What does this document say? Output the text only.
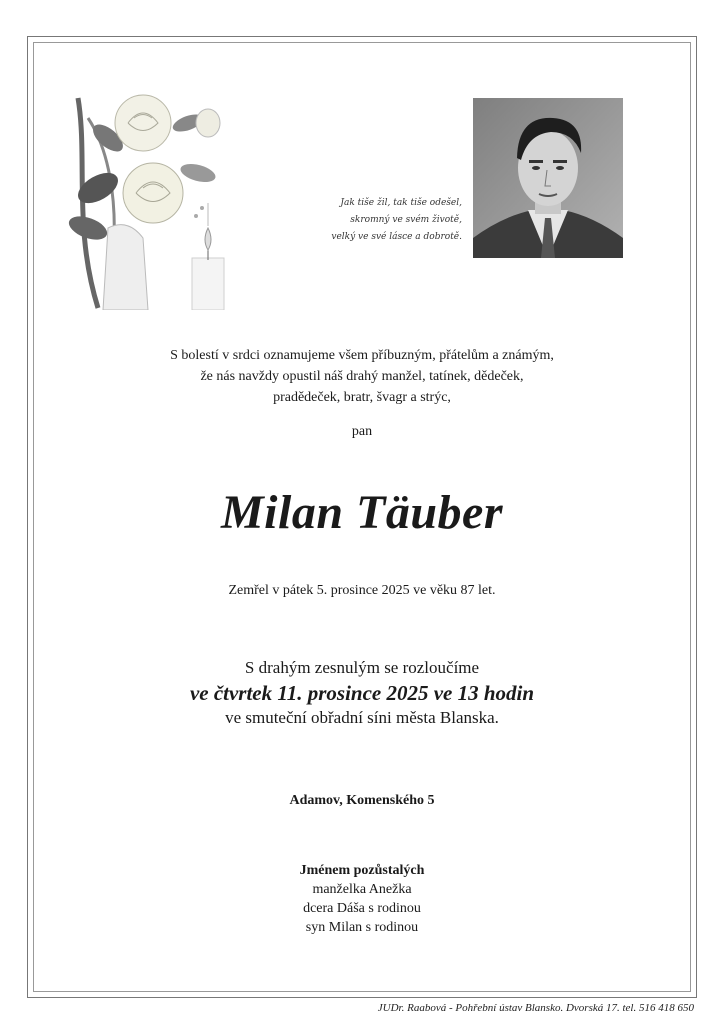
Jak tiše žil, tak tiše odešel,
skromný ve svém životě,
velký ve své lásce a dobrotě.
S bolestí v srdci oznamujeme všem příbuzným, přátelům a známým,
že nás navždy opustil náš drahý manžel, tatínek, dědeček,
pradědeček, bratr, švagr a strýc,
pan
Milan Täuber
Zemřel v pátek 5. prosince 2025 ve věku 87 let.
S drahým zesnulým se rozloučíme
ve čtvrtek 11. prosince 2025 ve 13 hodin
ve smuteční obřadní síni města Blanska.
Adamov, Komenského 5
Jménem pozůstalých
manželka Anežka
dcera Dáša s rodinou
syn Milan s rodinou
JUDr. Raabová - Pohřební ústav Blansko. Dvorská 17. tel. 516 418 650
